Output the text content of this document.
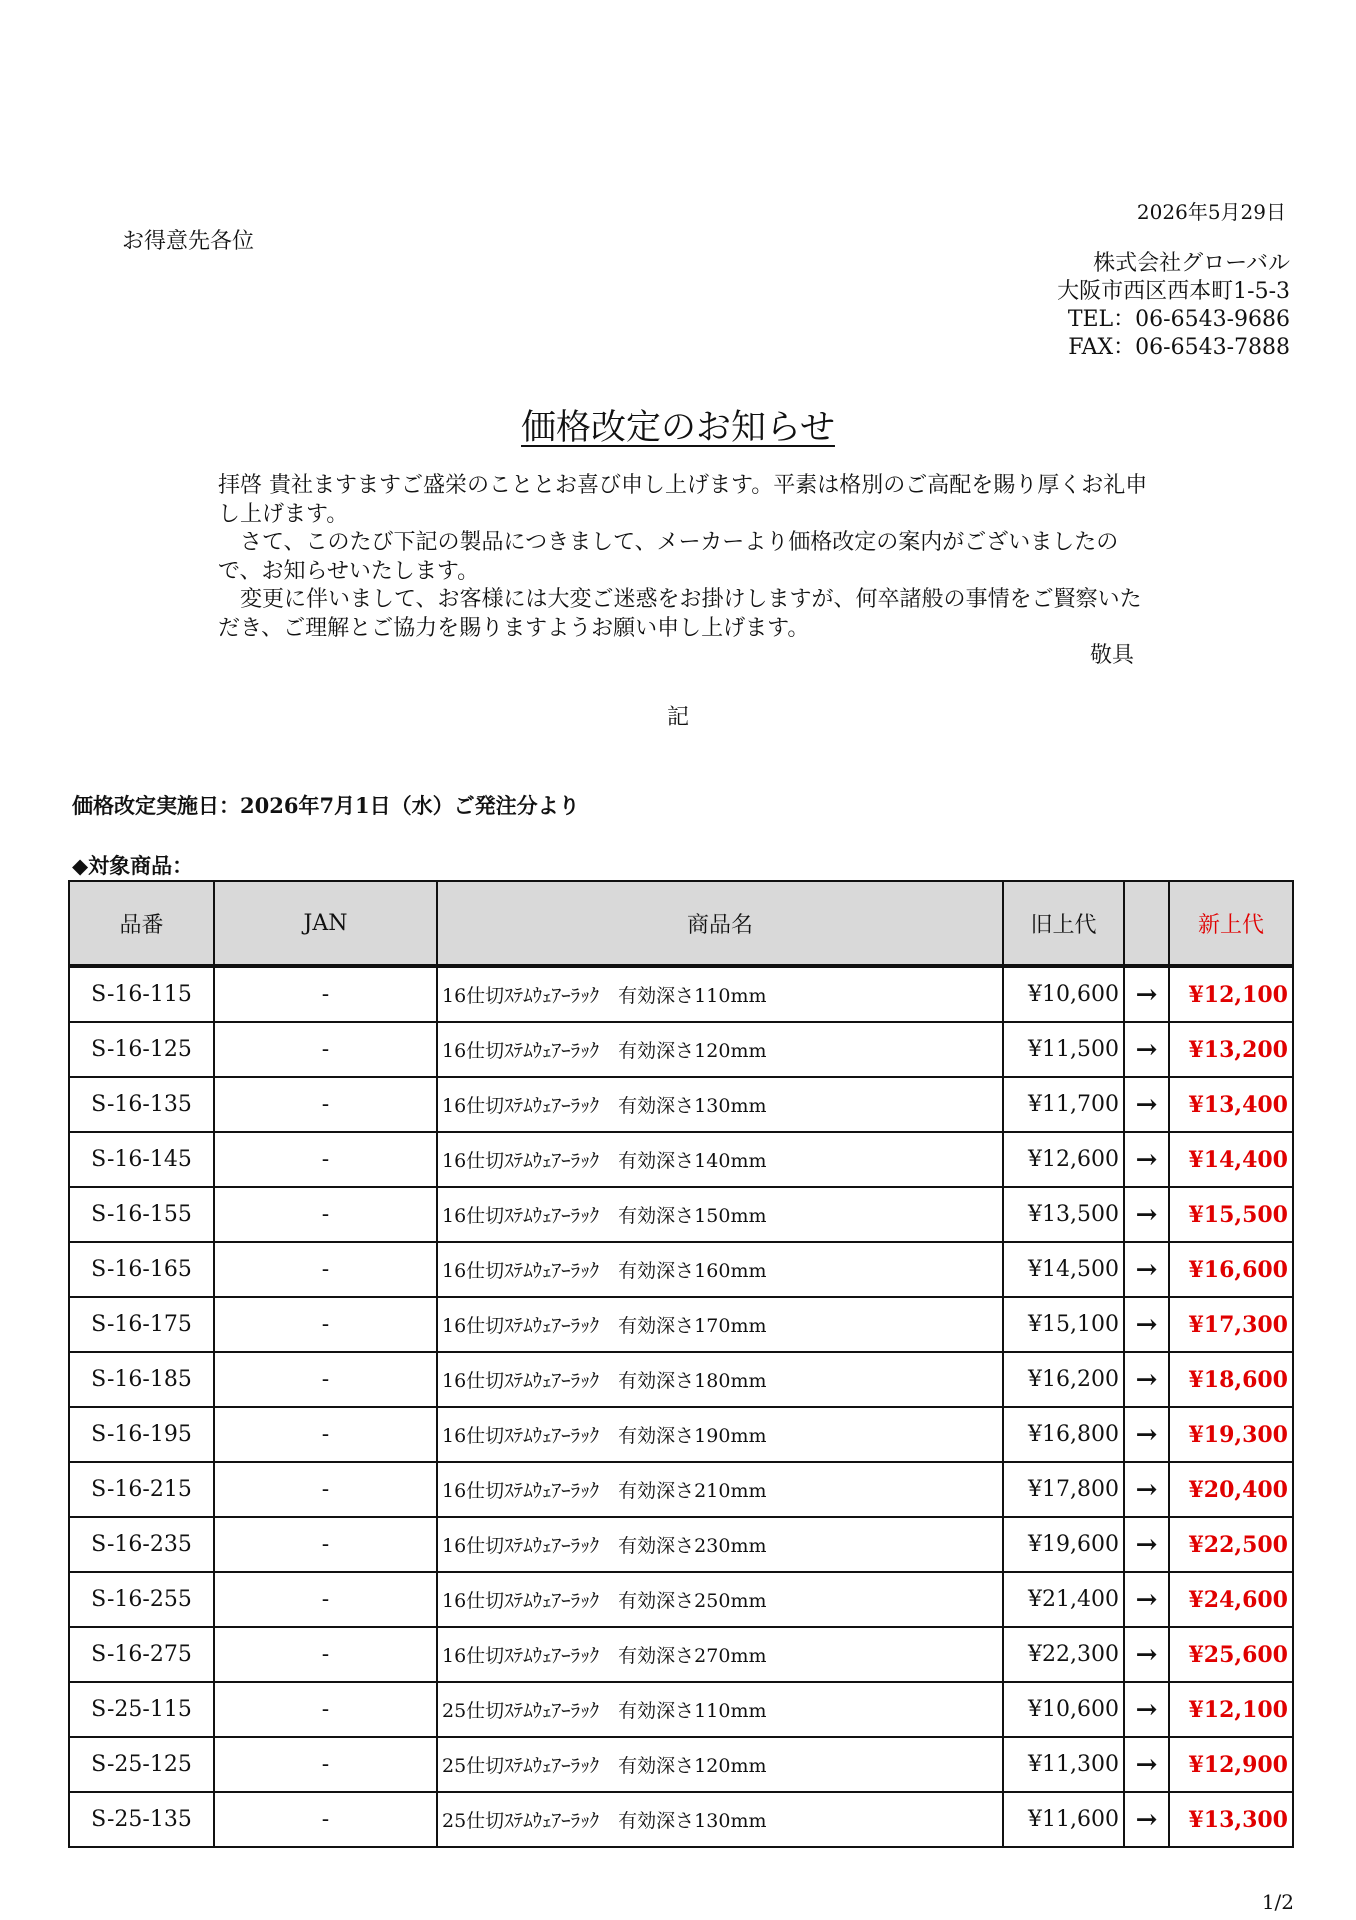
2026年5月29日
お得意先各位
株式会社グローバル
大阪市西区西本町1-5-3
TEL：06-6543-9686
FAX：06-6543-7888
価格改定のお知らせ

拝啓 貴社ますますご盛栄のこととお喜び申し上げます。平素は格別のご高配を賜り厚くお礼申し上げます。

　さて、このたび下記の製品につきまして、メーカーより価格改定の案内がございましたので、お知らせいたします。

　変更に伴いまして、お客様には大変ご迷惑をお掛けしますが、何卒諸般の事情をご賢察いただき、ご理解とご協力を賜りますようお願い申し上げます。

敬具
記
価格改定実施日：2026年7月1日（水）ご発注分より
◆対象商品：
品番	JAN	商品名	旧上代		新上代
S-16-115	-	16仕切ｽﾃﾑｳｪｱｰﾗｯｸ　有効深さ110mm	¥10,600	→	¥12,100
S-16-125	-	16仕切ｽﾃﾑｳｪｱｰﾗｯｸ　有効深さ120mm	¥11,500	→	¥13,200
S-16-135	-	16仕切ｽﾃﾑｳｪｱｰﾗｯｸ　有効深さ130mm	¥11,700	→	¥13,400
S-16-145	-	16仕切ｽﾃﾑｳｪｱｰﾗｯｸ　有効深さ140mm	¥12,600	→	¥14,400
S-16-155	-	16仕切ｽﾃﾑｳｪｱｰﾗｯｸ　有効深さ150mm	¥13,500	→	¥15,500
S-16-165	-	16仕切ｽﾃﾑｳｪｱｰﾗｯｸ　有効深さ160mm	¥14,500	→	¥16,600
S-16-175	-	16仕切ｽﾃﾑｳｪｱｰﾗｯｸ　有効深さ170mm	¥15,100	→	¥17,300
S-16-185	-	16仕切ｽﾃﾑｳｪｱｰﾗｯｸ　有効深さ180mm	¥16,200	→	¥18,600
S-16-195	-	16仕切ｽﾃﾑｳｪｱｰﾗｯｸ　有効深さ190mm	¥16,800	→	¥19,300
S-16-215	-	16仕切ｽﾃﾑｳｪｱｰﾗｯｸ　有効深さ210mm	¥17,800	→	¥20,400
S-16-235	-	16仕切ｽﾃﾑｳｪｱｰﾗｯｸ　有効深さ230mm	¥19,600	→	¥22,500
S-16-255	-	16仕切ｽﾃﾑｳｪｱｰﾗｯｸ　有効深さ250mm	¥21,400	→	¥24,600
S-16-275	-	16仕切ｽﾃﾑｳｪｱｰﾗｯｸ　有効深さ270mm	¥22,300	→	¥25,600
S-25-115	-	25仕切ｽﾃﾑｳｪｱｰﾗｯｸ　有効深さ110mm	¥10,600	→	¥12,100
S-25-125	-	25仕切ｽﾃﾑｳｪｱｰﾗｯｸ　有効深さ120mm	¥11,300	→	¥12,900
S-25-135	-	25仕切ｽﾃﾑｳｪｱｰﾗｯｸ　有効深さ130mm	¥11,600	→	¥13,300
1/2
